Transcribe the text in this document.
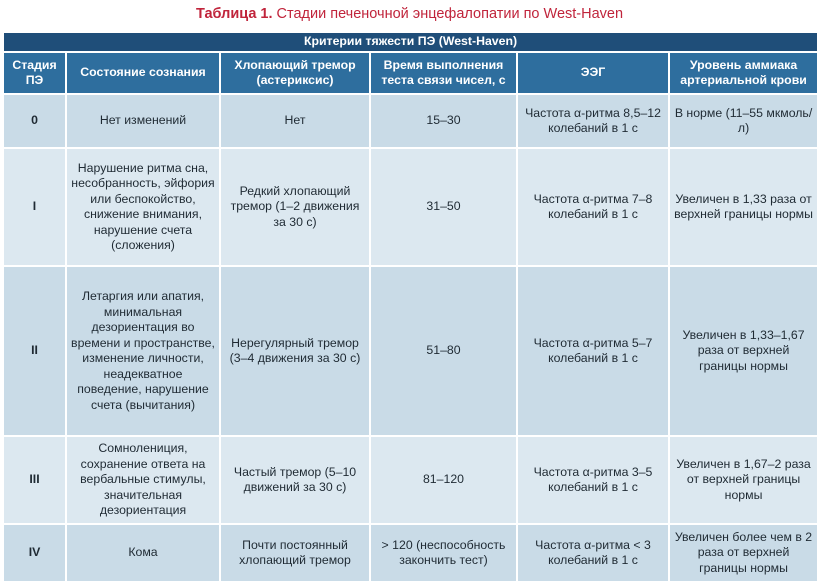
Таблица 1. Стадии печеночной энцефалопатии по West-Haven
Критерии тяжести ПЭ (West-Haven)					
Стадия ПЭ	Состояние сознания	Хлопающий тремор (астериксис)	Время выполнения теста связи чисел, с	ЭЭГ	Уровень аммиака артериальной крови
0	Нет изменений	Нет	15–30	Частота α-ритма 8,5–12 колебаний в 1 с	В норме (11–55 мкмоль/л)
I	Нарушение ритма сна, несобранность, эйфория или беспокойство, снижение внимания, нарушение счета (сложения)	Редкий хлопающий тремор (1–2 движения за 30 с)	31–50	Частота α-ритма 7–8 колебаний в 1 с	Увеличен в 1,33 раза от верхней границы нормы
II	Летаргия или апатия, минимальная дезориентация во времени и пространстве, изменение личности, неадекватное поведение, нарушение счета (вычитания)	Нерегулярный тремор (3–4 движения за 30 с)	51–80	Частота α-ритма 5–7 колебаний в 1 с	Увеличен в 1,33–1,67 раза от верхней границы нормы
III	Сомнолениция, сохранение ответа на вербальные стимулы, значительная дезориентация	Частый тремор (5–10 движений за 30 с)	81–120	Частота α-ритма 3–5 колебаний в 1 с	Увеличен в 1,67–2 раза от верхней границы нормы
IV	Кома	Почти постоянный хлопающий тремор	> 120 (неспособность закончить тест)	Частота α-ритма < 3 колебаний в 1 с	Увеличен более чем в 2 раза от верхней границы нормы
